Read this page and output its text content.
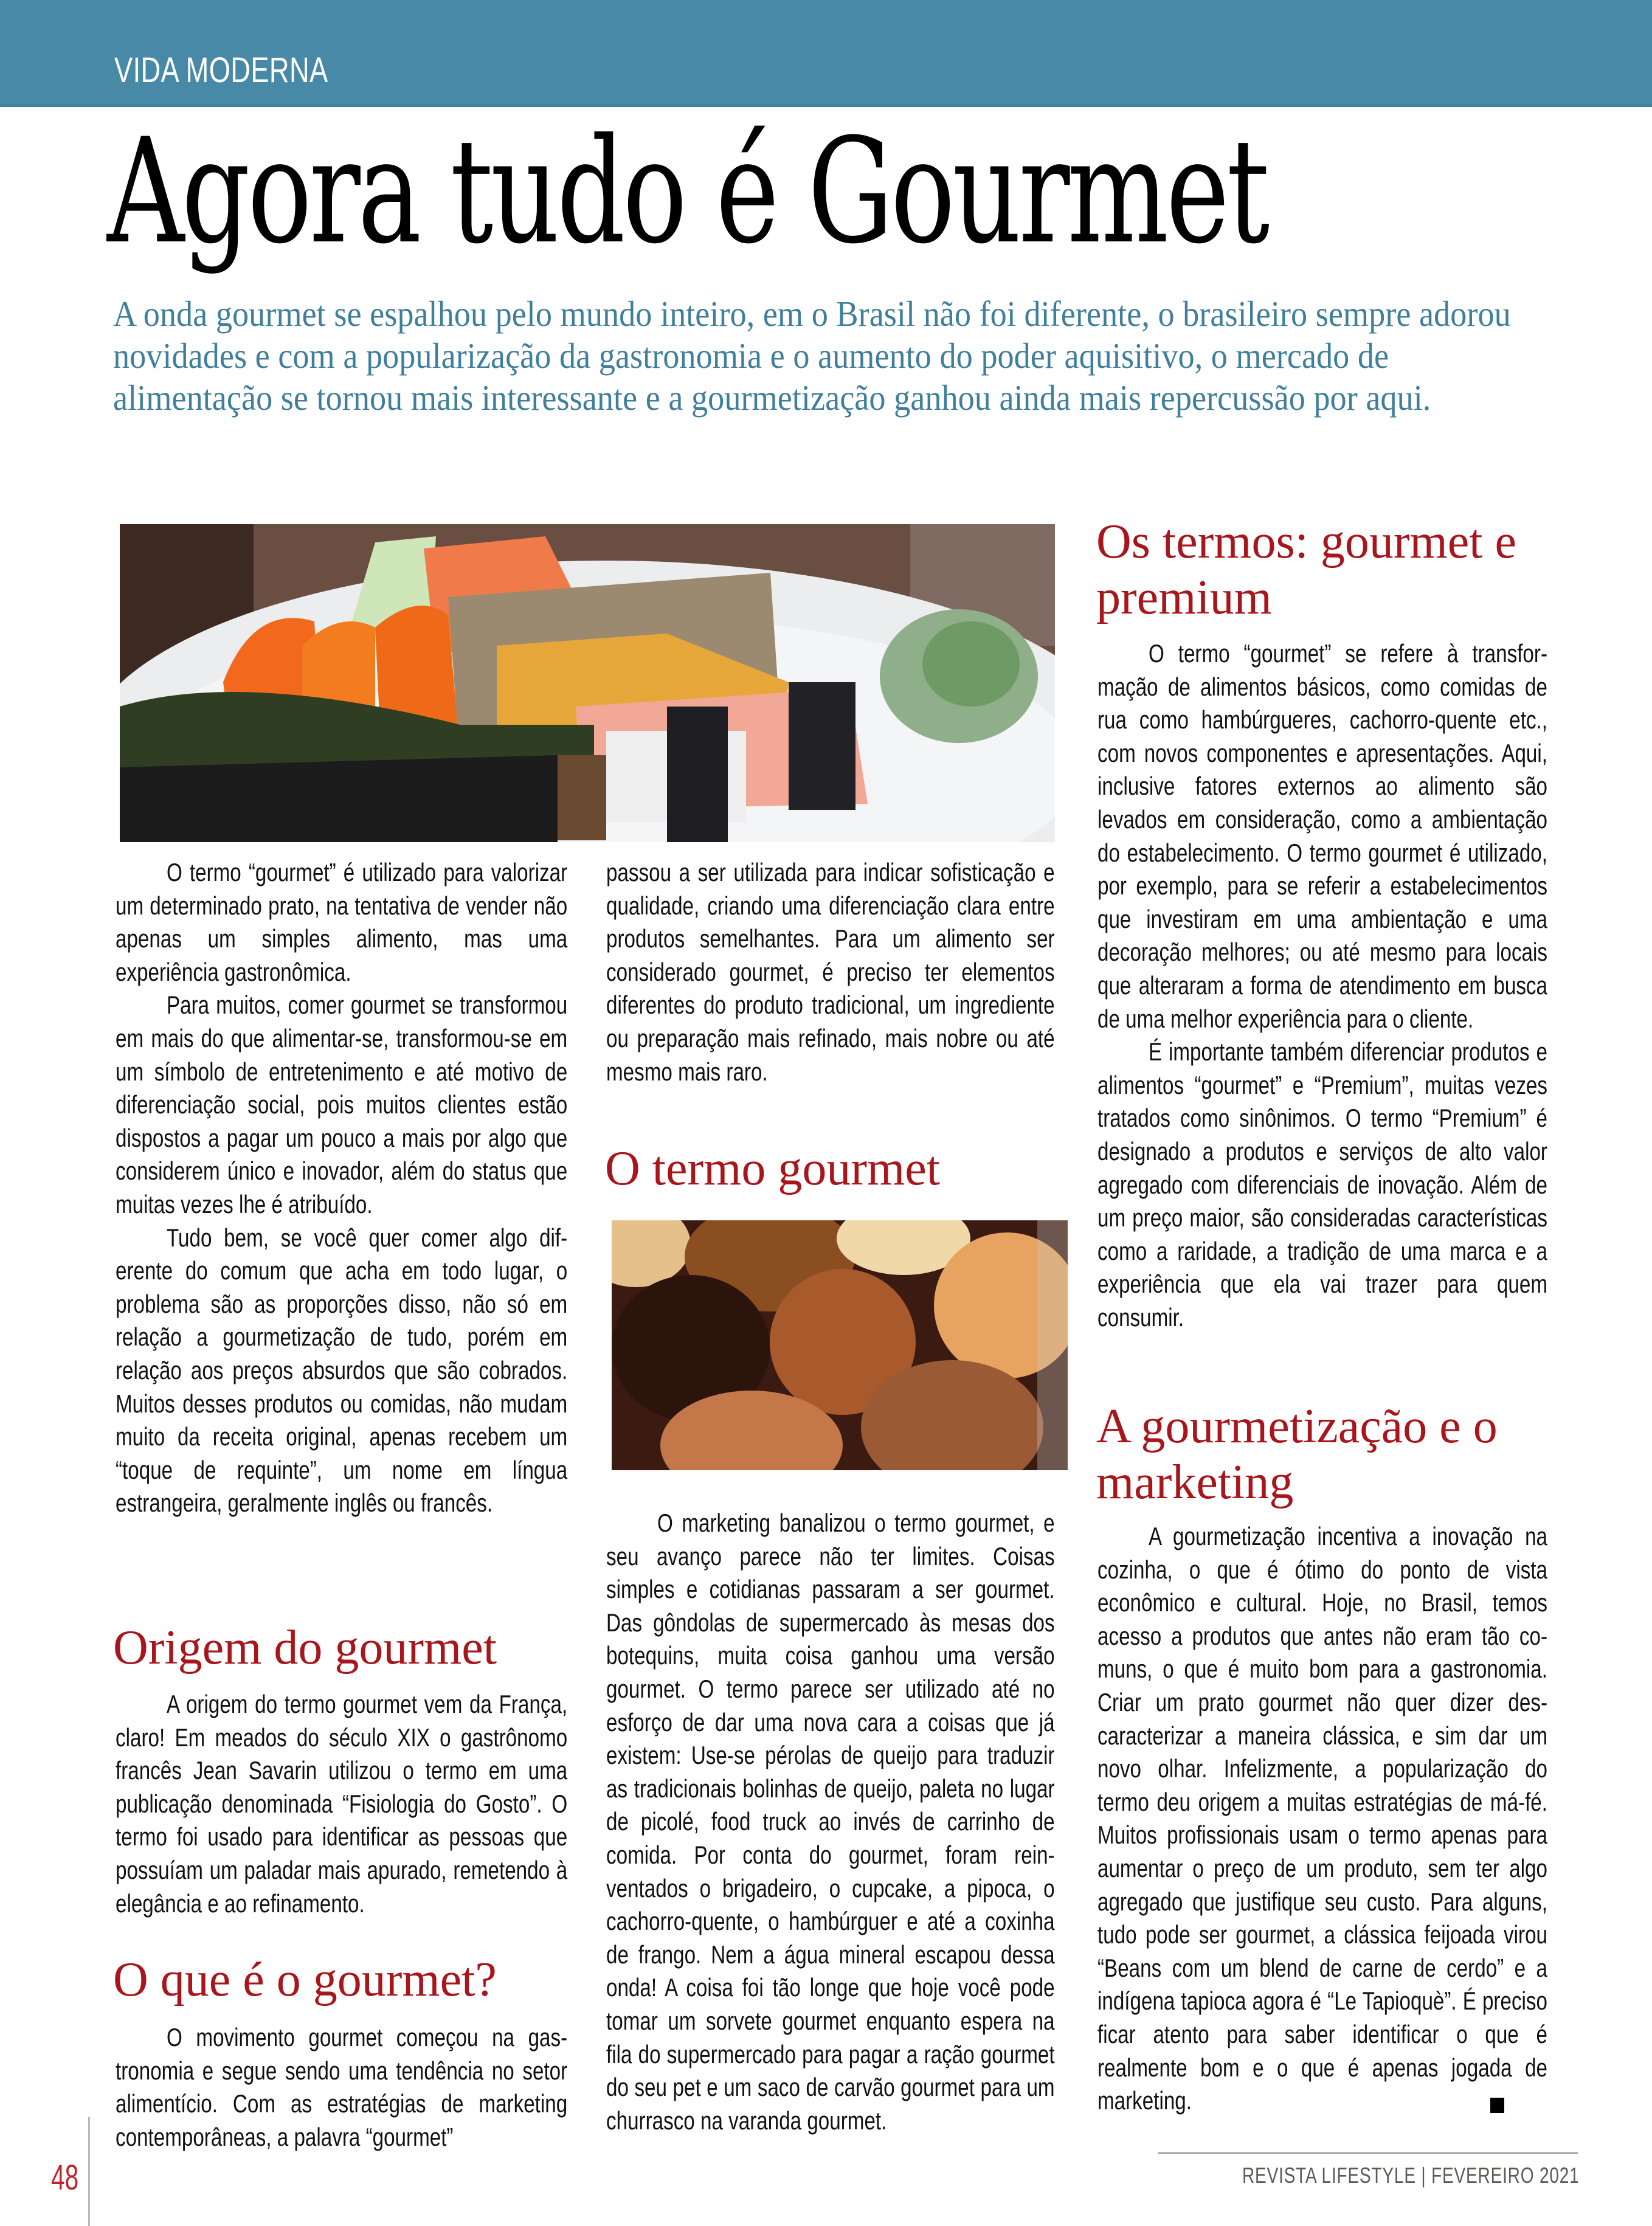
VIDA MODERNA
Agora tudo é Gourmet
A onda gourmet se espalhou pelo mundo inteiro, em o Brasil não foi diferente, o brasileiro sempre adorou novidades e com a popularização da gastronomia e o aumento do poder aquisitivo, o mercado de alimentação se tornou mais interessante e a gourmetização ganhou ainda mais repercussão por aqui.

O termo “gourmet” é utilizado para valorizar um determinado prato, na tentativa de vender não apenas um simples alimento, mas uma experiência gastronômica.

Para muitos, comer gourmet se transformou em mais do que alimentar-se, transformou-se em um símbolo de entretenimento e até motivo de diferenciação social, pois muitos clientes estão dispostos a pagar um pouco a mais por algo que considerem único e inovador, além do status que muitas vezes lhe é atribuído.

Tudo bem, se você quer comer algo diferente do comum que acha em todo lugar, o problema são as proporções disso, não só em relação a gourmetização de tudo, porém em relação aos preços absurdos que são cobrados. Muitos desses produtos ou comidas, não mudam muito da receita original, apenas recebem um “toque de requinte”, um nome em língua estrangeira, geralmente inglês ou francês.

Origem do gourmet

A origem do termo gourmet vem da França, claro! Em meados do século XIX o gastrônomo francês Jean Savarin utilizou o termo em uma publicação denominada “Fisiologia do Gosto”. O termo foi usado para identificar as pessoas que possuíam um paladar mais apurado, remetendo à elegância e ao refinamento.

O que é o gourmet?

O movimento gourmet começou na gastronomia e segue sendo uma tendência no setor alimentício. Com as estratégias de marketing contemporâneas, a palavra “gourmet”

passou a ser utilizada para indicar sofisticação e qualidade, criando uma diferenciação clara entre produtos semelhantes. Para um alimento ser considerado gourmet, é preciso ter elementos diferentes do produto tradicional, um ingrediente ou preparação mais refinado, mais nobre ou até mesmo mais raro.

O termo gourmet

O marketing banalizou o termo gourmet, e seu avanço parece não ter limites. Coisas simples e cotidianas passaram a ser gourmet. Das gôndolas de supermercado às mesas dos botequins, muita coisa ganhou uma versão gourmet. O termo parece ser utilizado até no esforço de dar uma nova cara a coisas que já existem: Use-se pérolas de queijo para traduzir as tradicionais bolinhas de queijo, paleta no lugar de picolé, food truck ao invés de carrinho de comida. Por conta do gourmet, foram reinventados o brigadeiro, o cupcake, a pipoca, o cachorro-quente, o hambúrguer e até a coxinha de frango. Nem a água mineral escapou dessa onda! A coisa foi tão longe que hoje você pode tomar um sorvete gourmet enquanto espera na fila do supermercado para pagar a ração gourmet do seu pet e um saco de carvão gourmet para um churrasco na varanda gourmet.

Os termos: gourmet e premium

O termo “gourmet” se refere à transformação de alimentos básicos, como comidas de rua como hambúrgueres, cachorro-quente etc., com novos componentes e apresentações. Aqui, inclusive fatores externos ao alimento são levados em consideração, como a ambientação do estabelecimento. O termo gourmet é utilizado, por exemplo, para se referir a estabelecimentos que investiram em uma ambientação e uma decoração melhores; ou até mesmo para locais que alteraram a forma de atendimento em busca de uma melhor experiência para o cliente.

É importante também diferenciar produtos e alimentos “gourmet” e “Premium”, muitas vezes tratados como sinônimos. O termo “Premium” é designado a produtos e serviços de alto valor agregado com diferenciais de inovação. Além de um preço maior, são consideradas características como a raridade, a tradição de uma marca e a experiência que ela vai trazer para quem consumir.

A gourmetização e o marketing

A gourmetização incentiva a inovação na cozinha, o que é ótimo do ponto de vista econômico e cultural. Hoje, no Brasil, temos acesso a produtos que antes não eram tão comuns, o que é muito bom para a gastronomia. Criar um prato gourmet não quer dizer descaracterizar a maneira clássica, e sim dar um novo olhar. Infelizmente, a popularização do termo deu origem a muitas estratégias de má-fé. Muitos profissionais usam o termo apenas para aumentar o preço de um produto, sem ter algo agregado que justifique seu custo. Para alguns, tudo pode ser gourmet, a clássica feijoada virou “Beans com um blend de carne de cerdo” e a indígena tapioca agora é “Le Tapioquè”. É preciso ficar atento para saber identificar o que é realmente bom e o que é apenas jogada de marketing.

48	REVISTA LIFESTYLE | FEVEREIRO 2021
